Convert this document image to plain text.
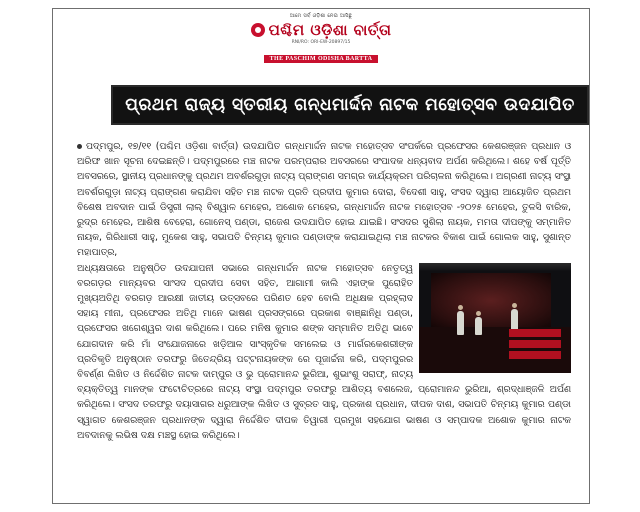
ଆମେ ସର୍ବ ଓଡ଼ିଶା ନେଇ ଆସିଛୁ
ପଶ୍ଚିମ ଓଡ଼ିଶା ବାର୍ତ୍ତା
RNI/RO: ORI-EW-20897/15
THE PASCHIM ODISHA BARTTA
ପ୍ରଥମ ରାଜ୍ୟ ସ୍ତରୀୟ ଗନ୍ଧମାର୍ଦ୍ଦନ ନାଟକ ମହୋତ୍ସବ ଉଦଯାପିତ

ପଦ୍ମପୁର, ୧୭/୧୧ (ପଶ୍ଚିମ ଓଡ଼ିଶା ବାର୍ତ୍ତା) ଉଦଯାପିତ ଗନ୍ଧମାର୍ଦ୍ଦନ ନାଟକ ମହୋତ୍ସବ ସଂପର୍କରେ ପ୍ରଫେସର କେଶରଞ୍ଜନ ପ୍ରଧାନ ଓ ଅରିଫ ଖାନ ସୂଚନା ଦେଇଛନ୍ତି। ପଦ୍ମପୁରରେ ମଞ୍ଚ ନାଟକ ପରମ୍ପରାର ଅବସରରେ ସଂପାଦକ ଧନ୍ୟବାଦ ଅର୍ପଣ କରିଥିଲେ। ଶହେ ବର୍ଷ ପୂର୍ତ୍ତି ଅବସରରେ, ସ୍ଥାନୀୟ ପ୍ରଧାନଙ୍କୁ ପ୍ରଥମ ଅବର୍ଶରଗୁଡ଼ା ନାଟ୍ୟ ପ୍ରାଙ୍ଗଣ ସମଗ୍ର କାର୍ଯ୍ୟକ୍ରମ ପରିଚାଳନା କରିଥିଲେ। ଅଗ୍ରଣୀ ନାଟ୍ୟ ସଂସ୍ଥା ଅବର୍ଶରଗୁଡ଼ା ନାଟ୍ୟ ପ୍ରାଙ୍ଗଣ କରାଯିବା ସହିତ ମଞ୍ଚ ନାଟକ ପ୍ରତି ପ୍ରଦୀପ କୁମାର ଦୋରା, ବିଦେଶୀ ସାହୁ, ସଂସଦ ଦ୍ୱାରା ଆୟୋଜିତ ପ୍ରଥମ ବିଶେଷ ଅବଦାନ ପାଇଁ ଡିସ୍ତ୍ରୀ ଲାଲ୍ ବିଶ୍ୱାଳ ମେହେର, ଅଶୋକ ମେହେର, ଗନ୍ଧମାର୍ଦ୍ଦନ ନାଟକ ମହୋତ୍ସବ -୨୦୨୫ ମେହେର, ତୁଳସି ବାରିକ, ରୁଦ୍ର ମେହେର, ଆଶିଷ ବେହେରା, ଗୋନେସ୍ ପଣ୍ଡା, ରାଜେଶ ଉଦଯାପିତ ହୋଇ ଯାଇଛି। ସଂସଦର ସୁଶିଲା ନାୟକ, ମମତା ଦୀପଙ୍କୁ ସମ୍ମାନିତ ନାୟକ, ଗିରିଧାରୀ ସାହୁ, ମୁକେଶ ସାହୁ, ସଭାପତି ଚିନ୍ମୟ କୁମାର ପଣ୍ଡାଙ୍କ କରାଯାଇଥିଲା ମଞ୍ଚ ନାଟକର ବିକାଶ ପାଇଁ ଗୋଲକ ସାହୁ, ସୁଶାନ୍ତ ମହାପାତ୍ର,

ଅଧ୍ୟକ୍ଷତାରେ ଅନୁଷ୍ଠିତ ଉଦଯାପନୀ ସଭାରେ ଗନ୍ଧମାର୍ଦ୍ଦନ ନାଟକ ମହୋତ୍ସବ ନେତୃତ୍ୱ ବରଗଡ଼ର ମାନ୍ୟବର ସାଂସଦ ପ୍ରଦୀପ ସେବା ସହିତ, ଆଗାମୀ କାଲି ଏହାଙ୍କ ପୁରୋହିତ ମୁଖ୍ୟଅତିଥି ବରଗଡ଼ ଆରକ୍ଷୀ ଜାତୀୟ ଉତ୍ସବରେ ପରିଣତ ହେବ ବୋଲି ଅଧିକ୍ଷକ ପ୍ରହ୍ଲାଦ ସହାୟ ମୀନା, ପ୍ରଫେସର ଅତିଥି ମାନେ ଭାଷଣ ପ୍ରସଙ୍ଗରେ ପ୍ରକାଶ ବାଞ୍ଛାନିଧି ପଣ୍ଡା, ପ୍ରଫେସର ଖଗେଶ୍ୱର ଦାଶ କରିଥିଲେ। ପରେ ମନିଷ କୁମାର ଶଙ୍କ ସମ୍ମାନିତ ଅତିଥି ଭାବେ ଯୋଗଦାନ କରି ମାଁ ସଂଯୋଜନାରେ ଖଡ଼ିଆଳ ସାଂସ୍କୃତିକ ସମଲେଇ ଓ ମାର୍ଗରକେଶରୀଙ୍କ ପ୍ରତିକୃତି ଅନୁଷ୍ଠାନ ତରଫରୁ ଜିତେନ୍ଦ୍ରିୟ ପଟ୍ଟନାୟକଙ୍କ ରେ ପୂଜାର୍ଚ୍ଚନା କରି, ପଦ୍ମପୁରର ବିବର୍ଣ୍ଣ ଲିଖିତ ଓ ନିର୍ଦ୍ଦେଶିତ ନାଟକ ଦାମ୍ପୁର ଓ ଭୁ ପ୍ରୋମାନନ୍ଦ ଭୁରିଆ, ଶୁଭାଂଶୁ ସରାଫ୍, ନାଟ୍ୟ ବ୍ୟକ୍ତିତ୍ୱ ମାନଙ୍କ ଫଟୋଚିତ୍ରରେ ନାଟ୍ୟ ସଂସ୍ଥା ପଦ୍ମପୁର ତରଫରୁ ଆଶିତ୍ୟ ବଶଲେଜ, ପ୍ରୋମାନନ୍ଦ ଭୁରିଆ, ଶ୍ରଦ୍ଧାଞ୍ଜଳି ଅର୍ପଣ କରିଥିଲେ। ସଂସଦ ତରଫରୁ ଦୟାସାଗର ଧରୁଆଙ୍କ ଲିଖିତ ଓ ସୁବ୍ରତ ସାହୁ, ପ୍ରକାଶ ପ୍ରଧାନ, ଦୀପକ ଦାଶ, ସଭାପତି ଚିନ୍ମୟ କୁମାର ପଣ୍ଡା ସ୍ୱାଗତ କେଶରଞ୍ଜନ ପ୍ରଧାନଙ୍କ ଦ୍ୱାରା ନିର୍ଦ୍ଦେଶିତ ଦୀପକ ତିୱାରୀ ପ୍ରମୁଖ ସହଯୋଗ ଭାଷଣ ଓ ସମ୍ପାଦକ ଅଶୋକ କୁମାର ନାଟକ ଅବଦାନକୁ ଲଭିଷ ଦକ୍ଷ ମଞ୍ଚସ୍ଥ ହୋଇ କରିଥିଲେ।
